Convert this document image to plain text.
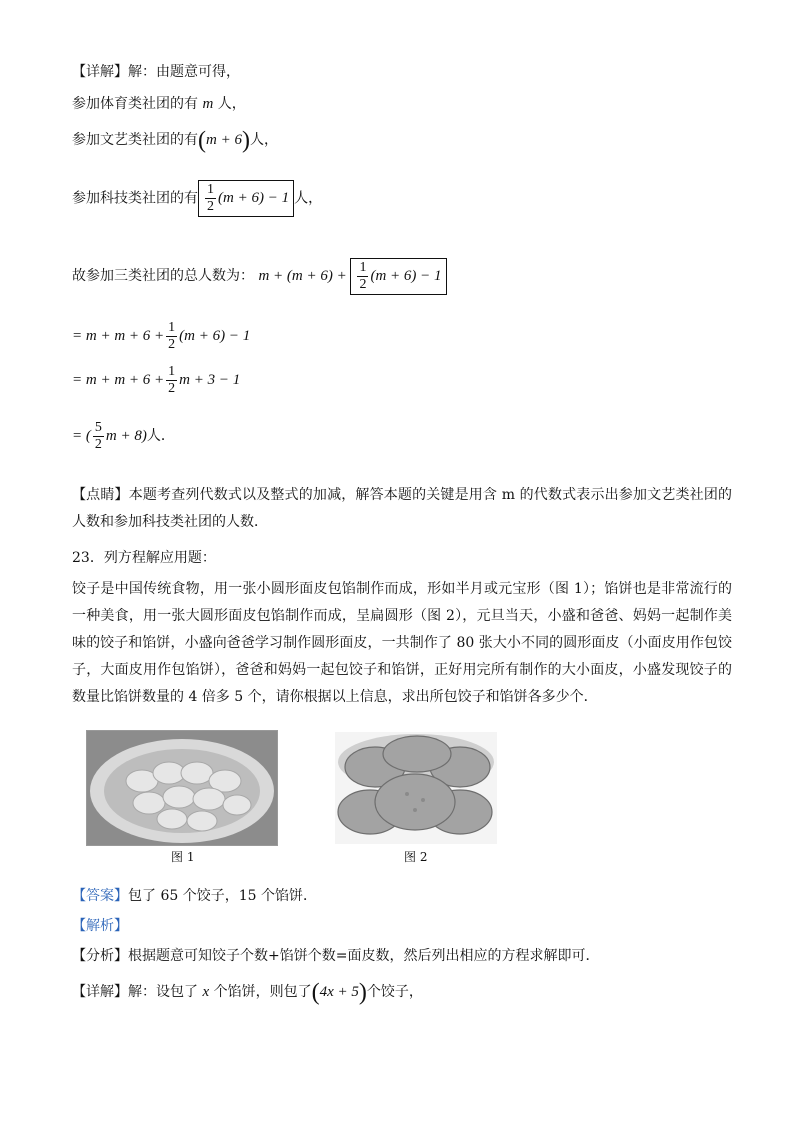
【详解】解：由题意可得，
参加体育类社团的有 m 人，
参加文艺类社团的有(m + 6)人，
参加科技类社团的有 $\frac{1}{2} (m + 6) - 1$ 人，
故参加三类社团的总人数为： $m + (m + 6) + \frac{1}{2} (m + 6) - 1$
= $m + m + 6 + \frac{1}{2} (m + 6) - 1$
= $m + m + 6 + \frac{1}{2}$ m + 3 − 1
= ( $\frac{5}{2}$ m + 8)人．
【点睛】本题考查列代数式以及整式的加减，解答本题的关键是用含 m 的代数式表示出参加文艺类社团的人数和参加科技类社团的人数．
23．列方程解应用题：
饺子是中国传统食物，用一张小圆形面皮包馅制作而成，形如半月或元宝形（图 1）；馅饼也是非常流行的一种美食，用一张大圆形面皮包馅制作而成，呈扁圆形（图 2），元旦当天，小盛和爸爸、妈妈一起制作美味的饺子和馅饼，小盛向爸爸学习制作圆形面皮，一共制作了 80 张大小不同的圆形面皮（小面皮用作包饺子，大面皮用作包馅饼），爸爸和妈妈一起包饺子和馅饼，正好用完所有制作的大小面皮，小盛发现饺子的数量比馅饼数量的 4 倍多 5 个，请你根据以上信息，求出所包饺子和馅饼各多少个．
图 1	图 2
【答案】包了 65 个饺子，15 个馅饼．
【解析】
【分析】根据题意可知饺子个数+馅饼个数=面皮数，然后列出相应的方程求解即可．
【详解】解：设包了 x 个馅饼，则包了(4x + 5)个饺子，
